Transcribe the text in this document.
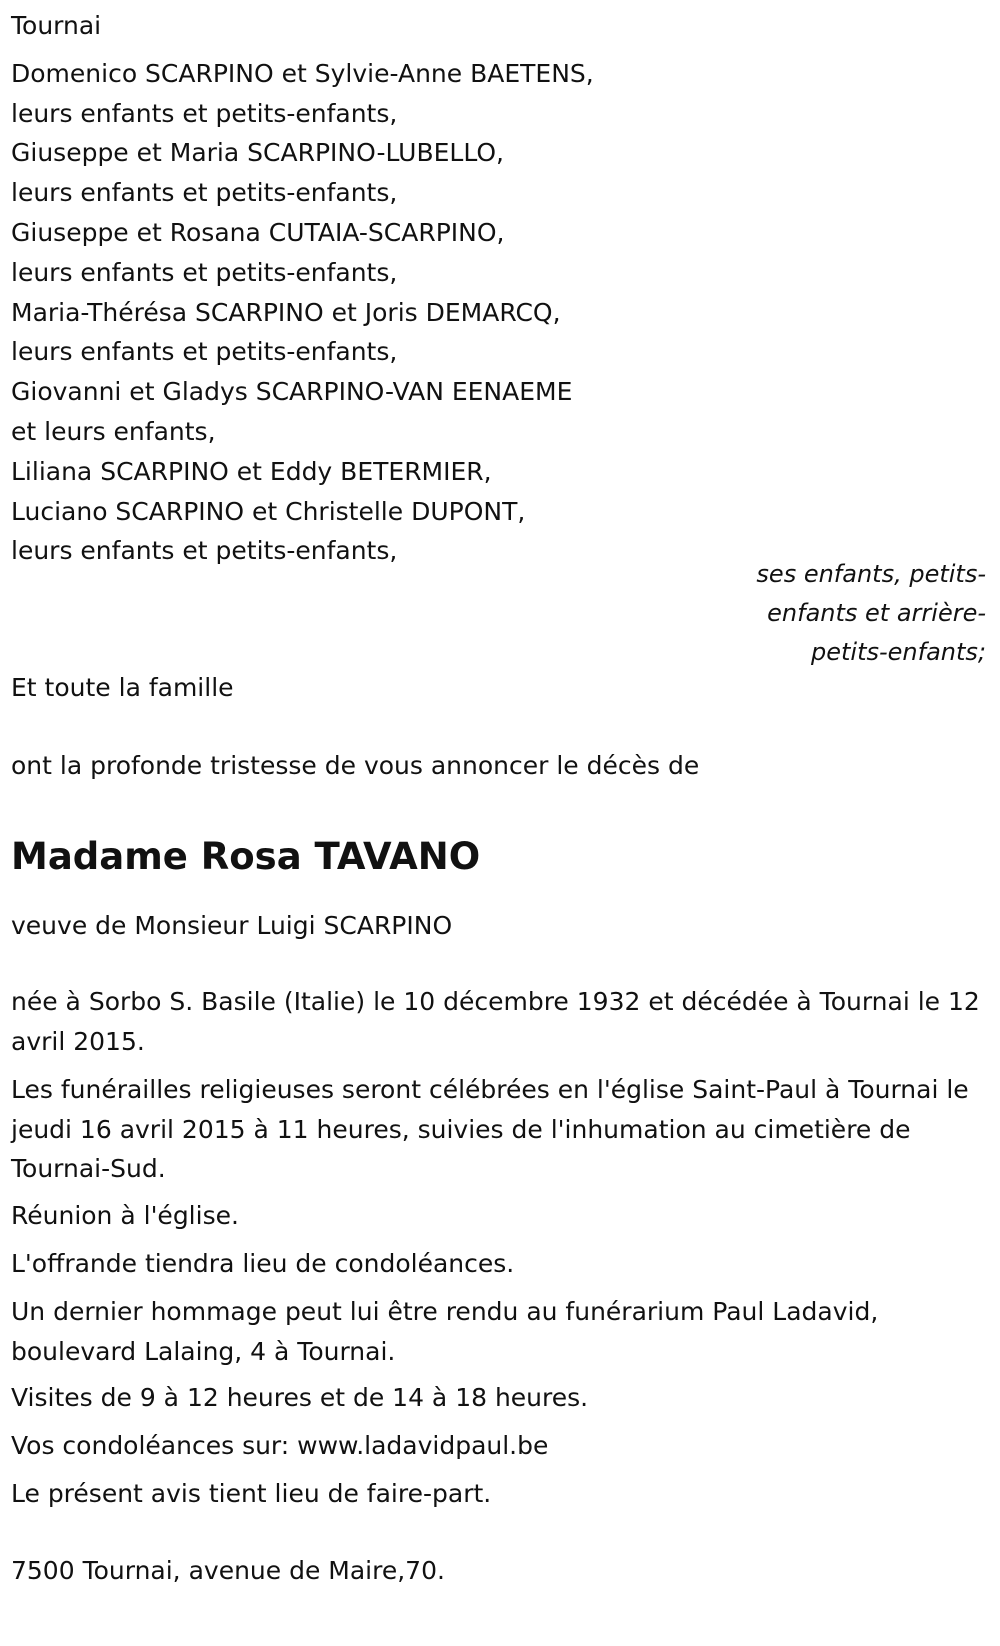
Tournai
Domenico SCARPINO et Sylvie-Anne BAETENS,
leurs enfants et petits-enfants,
Giuseppe et Maria SCARPINO-LUBELLO,
leurs enfants et petits-enfants,
Giuseppe et Rosana CUTAIA-SCARPINO,
leurs enfants et petits-enfants,
Maria-Thérésa SCARPINO et Joris DEMARCQ,
leurs enfants et petits-enfants,
Giovanni et Gladys SCARPINO-VAN EENAEME
et leurs enfants,
Liliana SCARPINO et Eddy BETERMIER,
Luciano SCARPINO et Christelle DUPONT,
leurs enfants et petits-enfants,
ses enfants, petits-
enfants et arrière-
petits-enfants;

Et toute la famille

ont la profonde tristesse de vous annoncer le décès de

Madame Rosa TAVANO

veuve de Monsieur Luigi SCARPINO

née à Sorbo S. Basile (Italie) le 10 décembre 1932 et décédée à Tournai le 12 avril 2015.

Les funérailles religieuses seront célébrées en l'église Saint-Paul à Tournai le jeudi 16 avril 2015 à 11 heures, suivies de l'inhumation au cimetière de Tournai-Sud.

Réunion à l'église.

L'offrande tiendra lieu de condoléances.

Un dernier hommage peut lui être rendu au funérarium Paul Ladavid, boulevard Lalaing, 4 à Tournai.

Visites de 9 à 12 heures et de 14 à 18 heures.

Vos condoléances sur: www.ladavidpaul.be

Le présent avis tient lieu de faire-part.

7500 Tournai, avenue de Maire,70.
